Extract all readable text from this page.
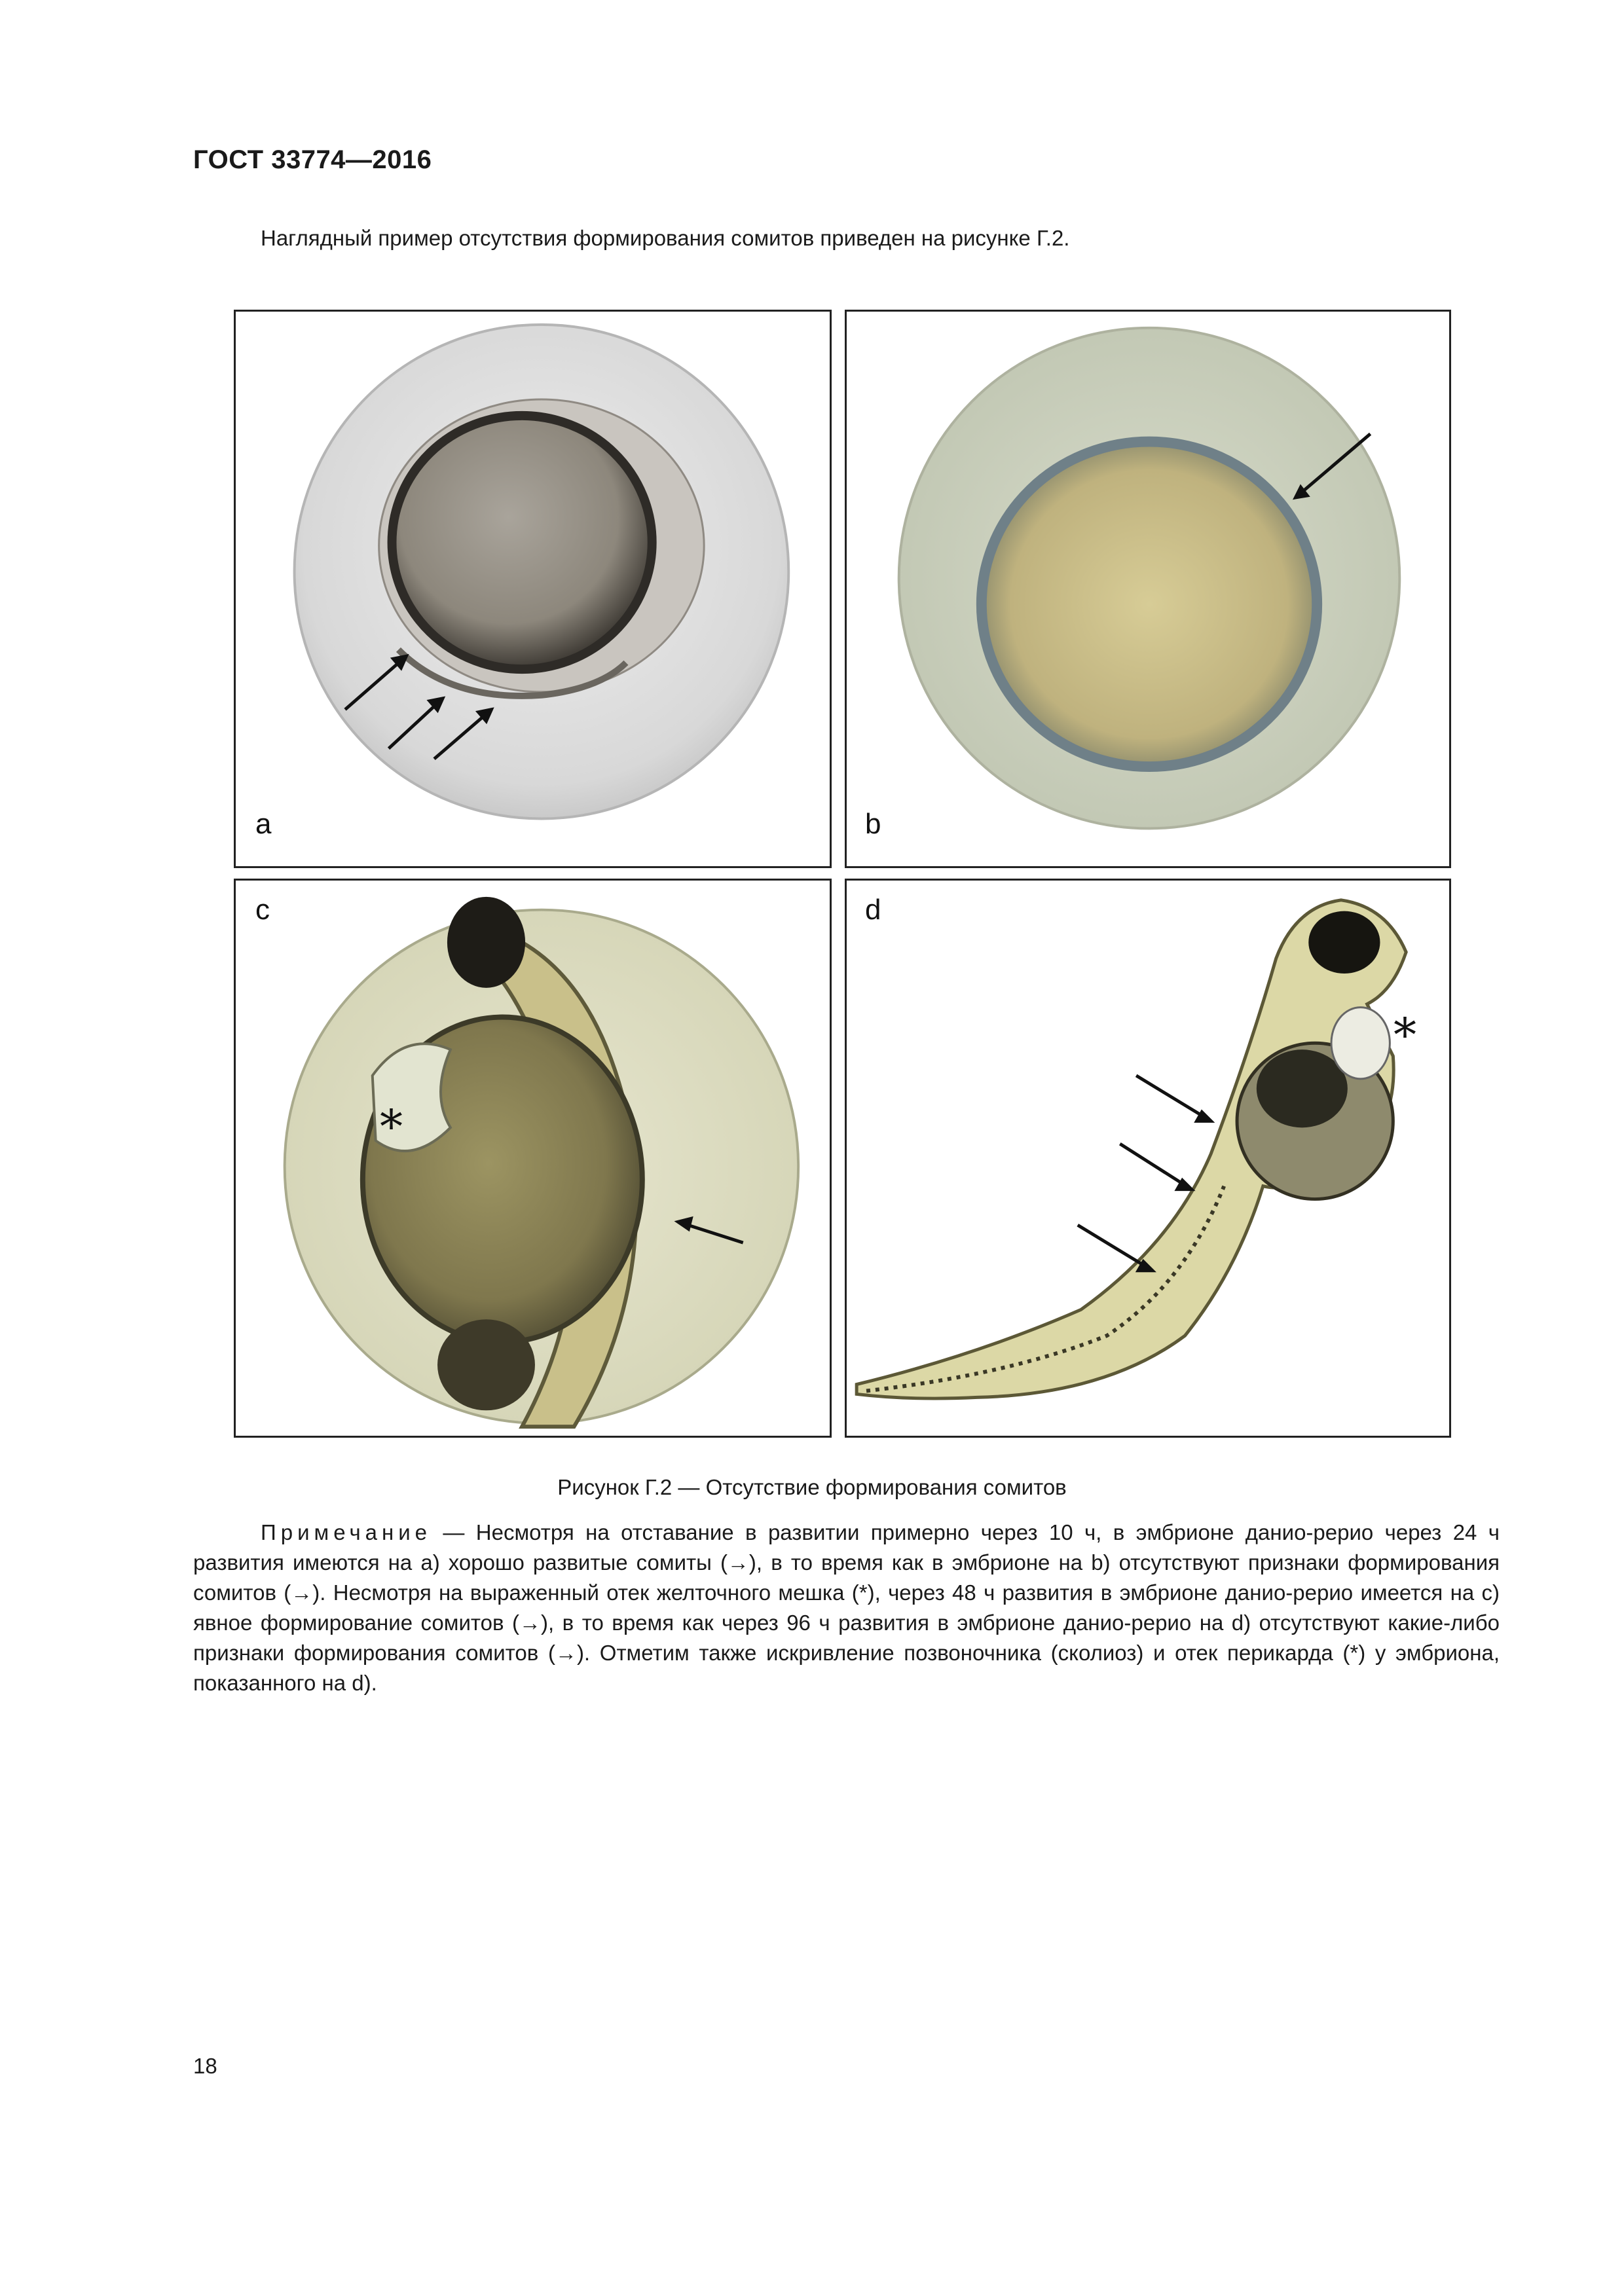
ГОСТ 33774—2016
Наглядный пример отсутствия формирования сомитов приведен на рисунке Г.2.
a	b
c
*
d
*
Рисунок Г.2 — Отсутствие формирования сомитов
Примечание — Несмотря на отставание в развитии примерно через 10 ч, в эмбрионе данио-рерио через 24 ч развития имеются на a) хорошо развитые сомиты (→), в то время как в эмбрионе на b) отсутствуют признаки формирования сомитов (→). Несмотря на выраженный отек желточного мешка (*), через 48 ч развития в эмбрионе данио-рерио имеется на c) явное формирование сомитов (→), в то время как через 96 ч развития в эмбрионе данио-рерио на d) отсутствуют какие-либо признаки формирования сомитов (→). Отметим также искривление позвоночника (сколиоз) и отек перикарда (*) у эмбриона, показанного на d).
18
